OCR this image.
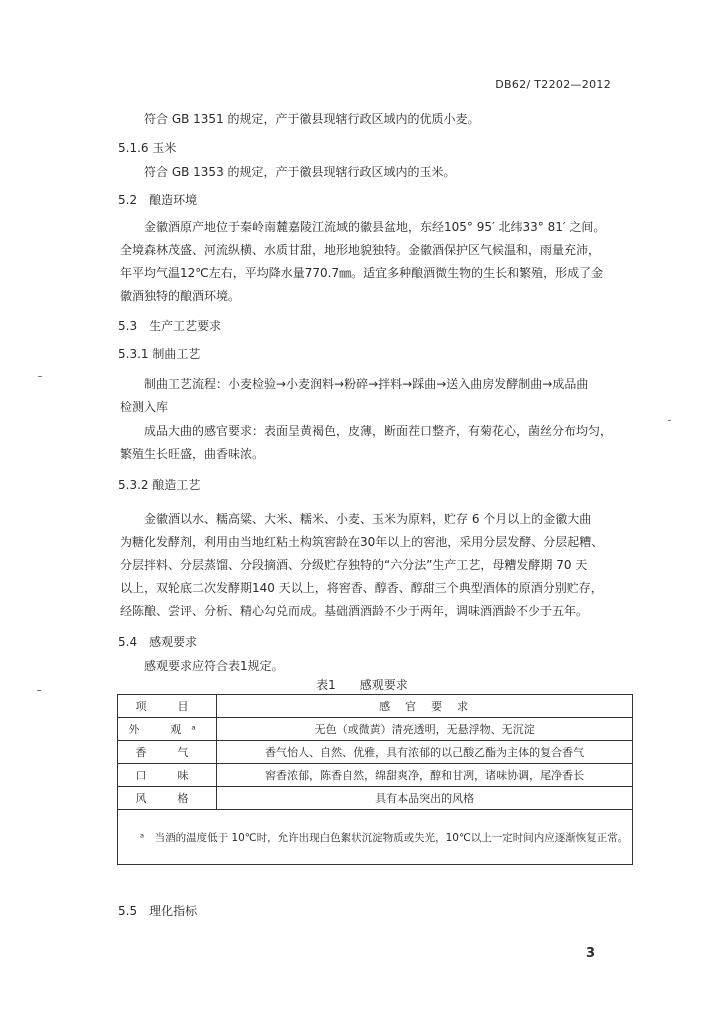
DB62/ T2202—2012
符合 GB 1351 的规定，产于徽县现辖行政区域内的优质小麦。
5.1.6 玉米
符合 GB 1353 的规定，产于徽县现辖行政区域内的玉米。
5.2　酿造环境
金徽酒原产地位于秦岭南麓嘉陵江流域的徽县盆地，东经105° 95′ 北纬33° 81′ 之间。
全境森林茂盛、河流纵横、水质甘甜，地形地貌独特。金徽酒保护区气候温和，雨量充沛，
年平均气温12℃左右，平均降水量770.7㎜。适宜多种酿酒微生物的生长和繁殖，形成了金
徽酒独特的酿酒环境。
5.3　生产工艺要求
5.3.1 制曲工艺
制曲工艺流程：小麦检验→小麦润料→粉碎→拌料→踩曲→送入曲房发酵制曲→成品曲
检测入库
成品大曲的感官要求：表面呈黄褐色，皮薄，断面茬口整齐，有菊花心，菌丝分布均匀，
繁殖生长旺盛，曲香味浓。
5.3.2 酿造工艺
金徽酒以水、糯高粱、大米、糯米、小麦、玉米为原料，贮存 6 个月以上的金徽大曲
为糖化发酵剂，利用由当地红粘土构筑窖龄在30年以上的窖池，采用分层发酵、分层起糟、
分层拌料、分层蒸馏、分段摘酒、分级贮存独特的“六分法”生产工艺，母糟发酵期 70 天
以上，双轮底二次发酵期140 天以上，将窖香、醇香、醇甜三个典型酒体的原酒分别贮存，
经陈酿、尝评、分析、精心勾兑而成。基础酒酒龄不少于两年，调味酒酒龄不少于五年。
5.4　感观要求
感观要求应符合表1规定。
表1　　感观要求
项　目	感　官　要　求
外　观ᵃ	无色（或微黄）清亮透明，无悬浮物、无沉淀
香　气	香气怡人、自然、优雅，具有浓郁的以己酸乙酯为主体的复合香气
口　味	窖香浓郁，陈香自然，绵甜爽净，醇和甘冽，诸味协调，尾净香长
风　格	具有本品突出的风格
ᵃ　当酒的温度低于 10℃时，允许出现白色絮状沉淀物质或失光，10℃以上一定时间内应逐渐恢复正常。	
5.5　理化指标
3
